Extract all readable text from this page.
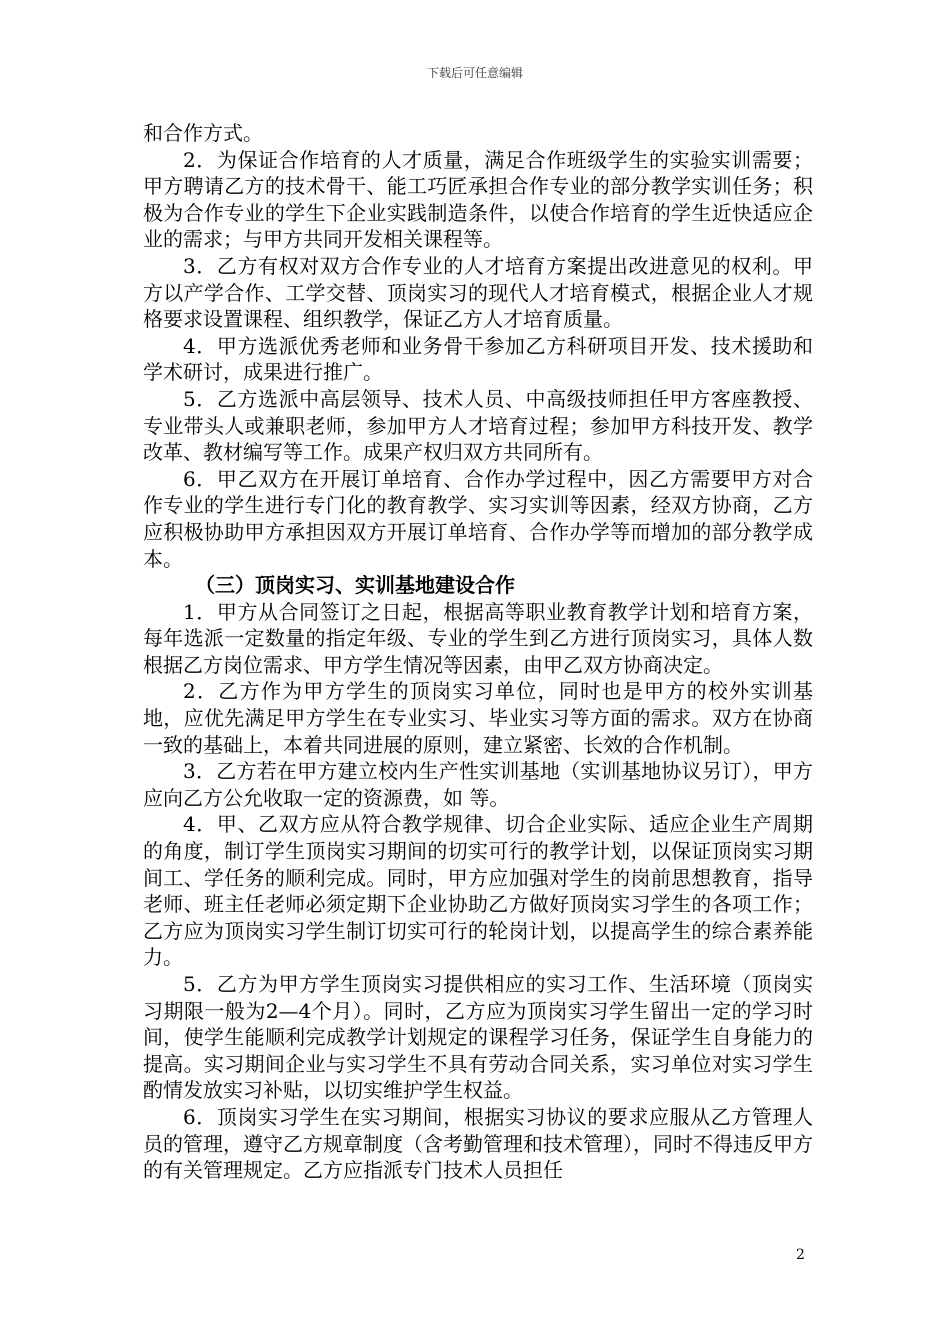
下载后可任意编辑

和合作方式。

2．为保证合作培育的人才质量，满足合作班级学生的实验实训需要；甲方聘请乙方的技术骨干、能工巧匠承担合作专业的部分教学实训任务；积极为合作专业的学生下企业实践制造条件，以使合作培育的学生近快适应企业的需求；与甲方共同开发相关课程等。

3．乙方有权对双方合作专业的人才培育方案提出改进意见的权利。甲方以产学合作、工学交替、顶岗实习的现代人才培育模式，根据企业人才规格要求设置课程、组织教学，保证乙方人才培育质量。

4．甲方选派优秀老师和业务骨干参加乙方科研项目开发、技术援助和学术研讨，成果进行推广。

5．乙方选派中高层领导、技术人员、中高级技师担任甲方客座教授、专业带头人或兼职老师，参加甲方人才培育过程；参加甲方科技开发、教学改革、教材编写等工作。成果产权归双方共同所有。

6．甲乙双方在开展订单培育、合作办学过程中，因乙方需要甲方对合作专业的学生进行专门化的教育教学、实习实训等因素，经双方协商，乙方应积极协助甲方承担因双方开展订单培育、合作办学等而增加的部分教学成本。

（三）顶岗实习、实训基地建设合作

1．甲方从合同签订之日起，根据高等职业教育教学计划和培育方案，每年选派一定数量的指定年级、专业的学生到乙方进行顶岗实习，具体人数根据乙方岗位需求、甲方学生情况等因素，由甲乙双方协商决定。

2．乙方作为甲方学生的顶岗实习单位，同时也是甲方的校外实训基地，应优先满足甲方学生在专业实习、毕业实习等方面的需求。双方在协商一致的基础上，本着共同进展的原则，建立紧密、长效的合作机制。

3．乙方若在甲方建立校内生产性实训基地（实训基地协议另订），甲方应向乙方公允收取一定的资源费，如 等。

4．甲、乙双方应从符合教学规律、切合企业实际、适应企业生产周期的角度，制订学生顶岗实习期间的切实可行的教学计划，以保证顶岗实习期间工、学任务的顺利完成。同时，甲方应加强对学生的岗前思想教育，指导老师、班主任老师必须定期下企业协助乙方做好顶岗实习学生的各项工作；乙方应为顶岗实习学生制订切实可行的轮岗计划，以提高学生的综合素养能力。

5．乙方为甲方学生顶岗实习提供相应的实习工作、生活环境（顶岗实习期限一般为2—4个月）。同时，乙方应为顶岗实习学生留出一定的学习时间，使学生能顺利完成教学计划规定的课程学习任务，保证学生自身能力的提高。实习期间企业与实习学生不具有劳动合同关系，实习单位对实习学生酌情发放实习补贴，以切实维护学生权益。

6．顶岗实习学生在实习期间，根据实习协议的要求应服从乙方管理人员的管理，遵守乙方规章制度（含考勤管理和技术管理），同时不得违反甲方的有关管理规定。乙方应指派专门技术人员担任

2
